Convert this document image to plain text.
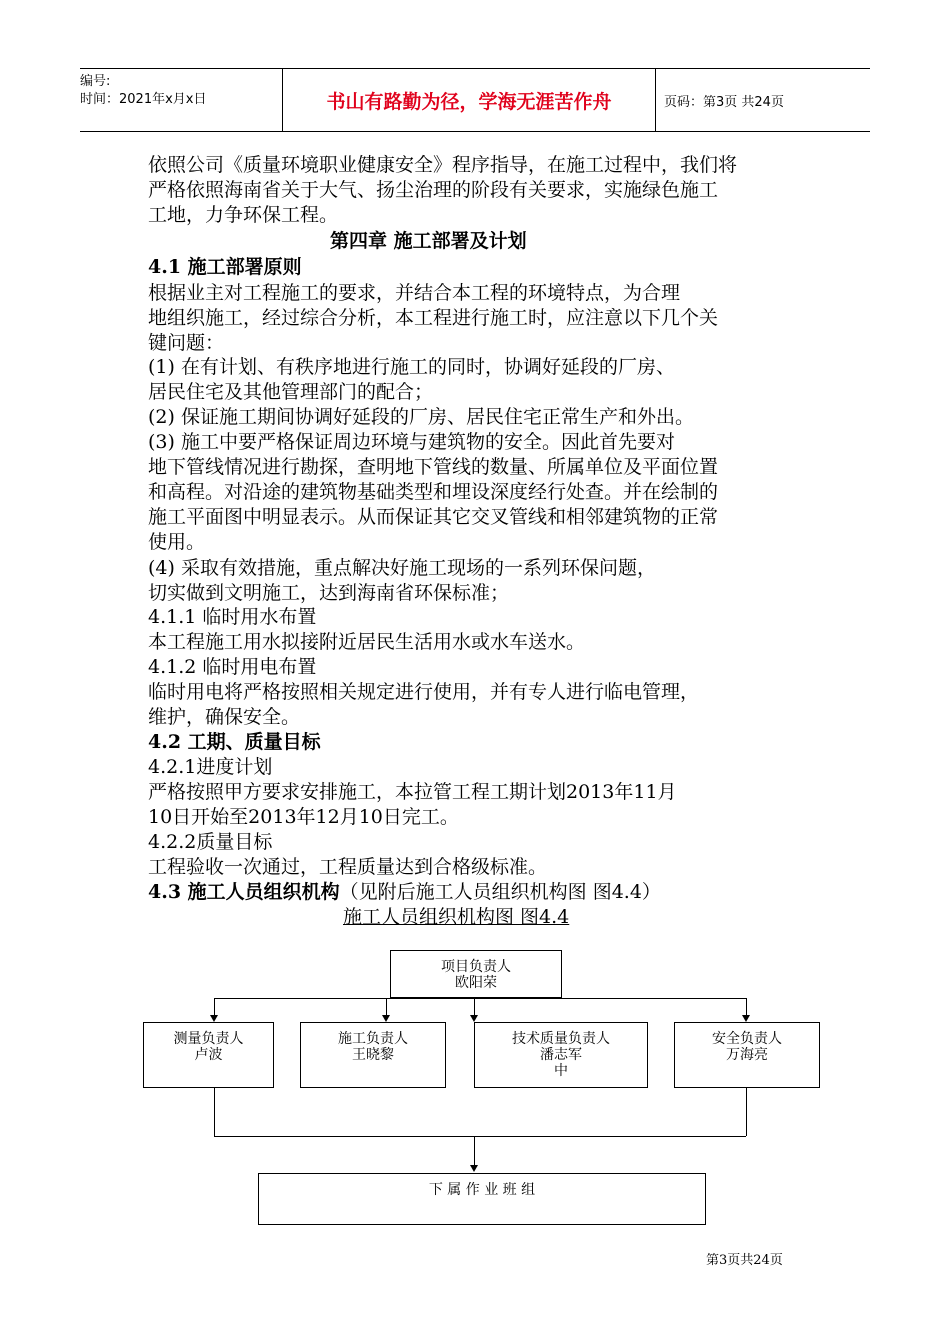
编号:
时间：2021年x月x日	书山有路勤为径，学海无涯苦作舟	页码：第3页 共24页
依照公司《质量环境职业健康安全》程序指导，在施工过程中，我们将
严格依照海南省关于大气、扬尘治理的阶段有关要求，实施绿色施工
工地，力争环保工程。
第四章 施工部署及计划
4.1 施工部署原则
根据业主对工程施工的要求，并结合本工程的环境特点，为合理
地组织施工，经过综合分析，本工程进行施工时，应注意以下几个关
键问题：
(1) 在有计划、有秩序地进行施工的同时，协调好延段的厂房、
居民住宅及其他管理部门的配合；
(2) 保证施工期间协调好延段的厂房、居民住宅正常生产和外出。
(3) 施工中要严格保证周边环境与建筑物的安全。因此首先要对
地下管线情况进行勘探，查明地下管线的数量、所属单位及平面位置
和高程。对沿途的建筑物基础类型和埋设深度经行处查。并在绘制的
施工平面图中明显表示。从而保证其它交叉管线和相邻建筑物的正常
使用。
(4) 采取有效措施，重点解决好施工现场的一系列环保问题，
切实做到文明施工，达到海南省环保标准；
4.1.1 临时用水布置
本工程施工用水拟接附近居民生活用水或水车送水。
4.1.2 临时用电布置
临时用电将严格按照相关规定进行使用，并有专人进行临电管理，
维护，确保安全。
4.2 工期、质量目标
4.2.1进度计划
严格按照甲方要求安排施工，本拉管工程工期计划2013年11月
10日开始至2013年12月10日完工。
4.2.2质量目标
工程验收一次通过，工程质量达到合格级标准。
4.3 施工人员组织机构（见附后施工人员组织机构图 图4.4）
施工人员组织机构图 图4.4
项目负责人
欧阳荣
测量负责人
卢波
施工负责人
王晓黎
技术质量负责人
潘志军
中
安全负责人
万海亮
下 属 作 业 班 组
第3页共24页
